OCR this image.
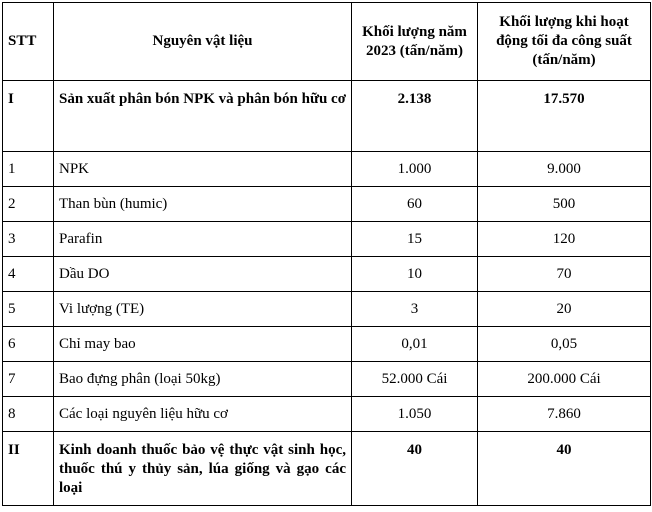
STT	Nguyên vật liệu	Khối lượng năm 2023 (tấn/năm)	Khối lượng khi hoạt động tối đa công suất (tấn/năm)
I	Sản xuất phân bón NPK và phân bón hữu cơ	2.138	17.570
1	NPK	1.000	9.000
2	Than bùn (humic)	60	500
3	Parafin	15	120
4	Dầu DO	10	70
5	Vi lượng (TE)	3	20
6	Chỉ may bao	0,01	0,05
7	Bao đựng phân (loại 50kg)	52.000 Cái	200.000 Cái
8	Các loại nguyên liệu hữu cơ	1.050	7.860
II	Kinh doanh thuốc bảo vệ thực vật sinh học, thuốc thú y thủy sản, lúa giống và gạo các loại	40	40
